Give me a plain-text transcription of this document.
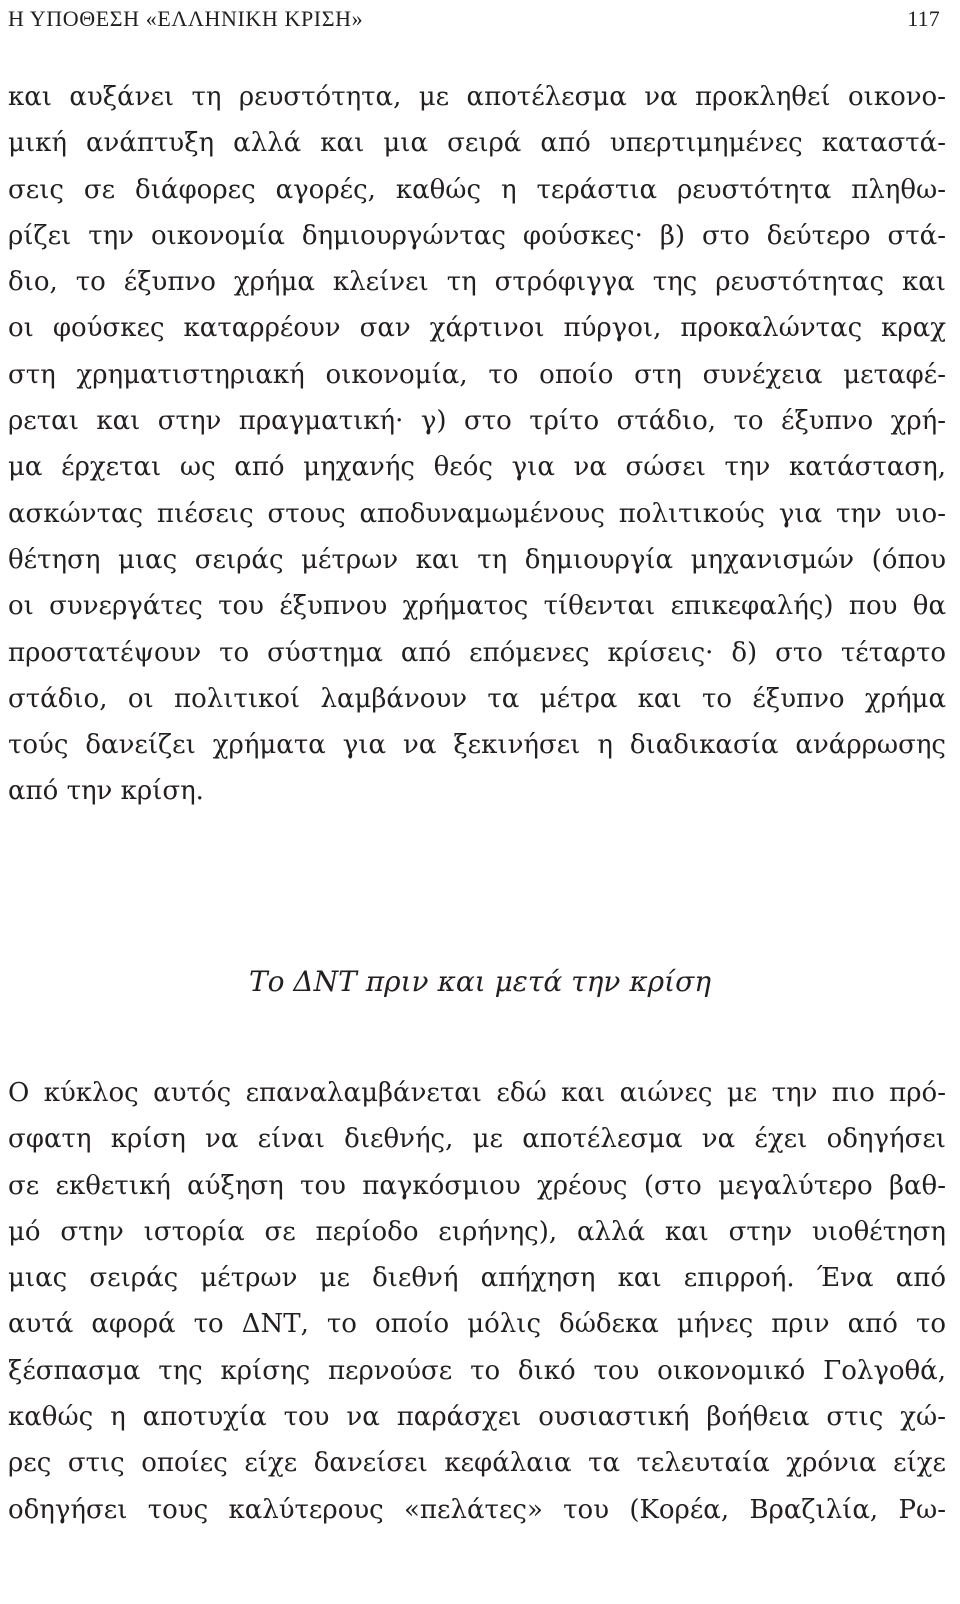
Η ΥΠΟΘΕΣΗ «ΕΛΛΗΝΙΚΗ ΚΡΙΣΗ»	117
και αυξάνει τη ρευστότητα, με αποτέλεσμα να προκληθεί οικονο-
μική ανάπτυξη αλλά και μια σειρά από υπερτιμημένες καταστά-
σεις σε διάφορες αγορές, καθώς η τεράστια ρευστότητα πληθω-
ρίζει την οικονομία δημιουργώντας φούσκες· β) στο δεύτερο στά-
διο, το έξυπνο χρήμα κλείνει τη στρόφιγγα της ρευστότητας και
οι φούσκες καταρρέουν σαν χάρτινοι πύργοι, προκαλώντας κραχ
στη χρηματιστηριακή οικονομία, το οποίο στη συνέχεια μεταφέ-
ρεται και στην πραγματική· γ) στο τρίτο στάδιο, το έξυπνο χρή-
μα έρχεται ως από μηχανής θεός για να σώσει την κατάσταση,
ασκώντας πιέσεις στους αποδυναμωμένους πολιτικούς για την υιο-
θέτηση μιας σειράς μέτρων και τη δημιουργία μηχανισμών (όπου
οι συνεργάτες του έξυπνου χρήματος τίθενται επικεφαλής) που θα
προστατέψουν το σύστημα από επόμενες κρίσεις· δ) στο τέταρτο
στάδιο, οι πολιτικοί λαμβάνουν τα μέτρα και το έξυπνο χρήμα
τούς δανείζει χρήματα για να ξεκινήσει η διαδικασία ανάρρωσης
από την κρίση.
Το ΔΝΤ πριν και μετά την κρίση
Ο κύκλος αυτός επαναλαμβάνεται εδώ και αιώνες με την πιο πρό-
σφατη κρίση να είναι διεθνής, με αποτέλεσμα να έχει οδηγήσει
σε εκθετική αύξηση του παγκόσμιου χρέους (στο μεγαλύτερο βαθ-
μό στην ιστορία σε περίοδο ειρήνης), αλλά και στην υιοθέτηση
μιας σειράς μέτρων με διεθνή απήχηση και επιρροή. Ένα από
αυτά αφορά το ΔΝΤ, το οποίο μόλις δώδεκα μήνες πριν από το
ξέσπασμα της κρίσης περνούσε το δικό του οικονομικό Γολγοθά,
καθώς η αποτυχία του να παράσχει ουσιαστική βοήθεια στις χώ-
ρες στις οποίες είχε δανείσει κεφάλαια τα τελευταία χρόνια είχε
οδηγήσει τους καλύτερους «πελάτες» του (Κορέα, Βραζιλία, Ρω-
